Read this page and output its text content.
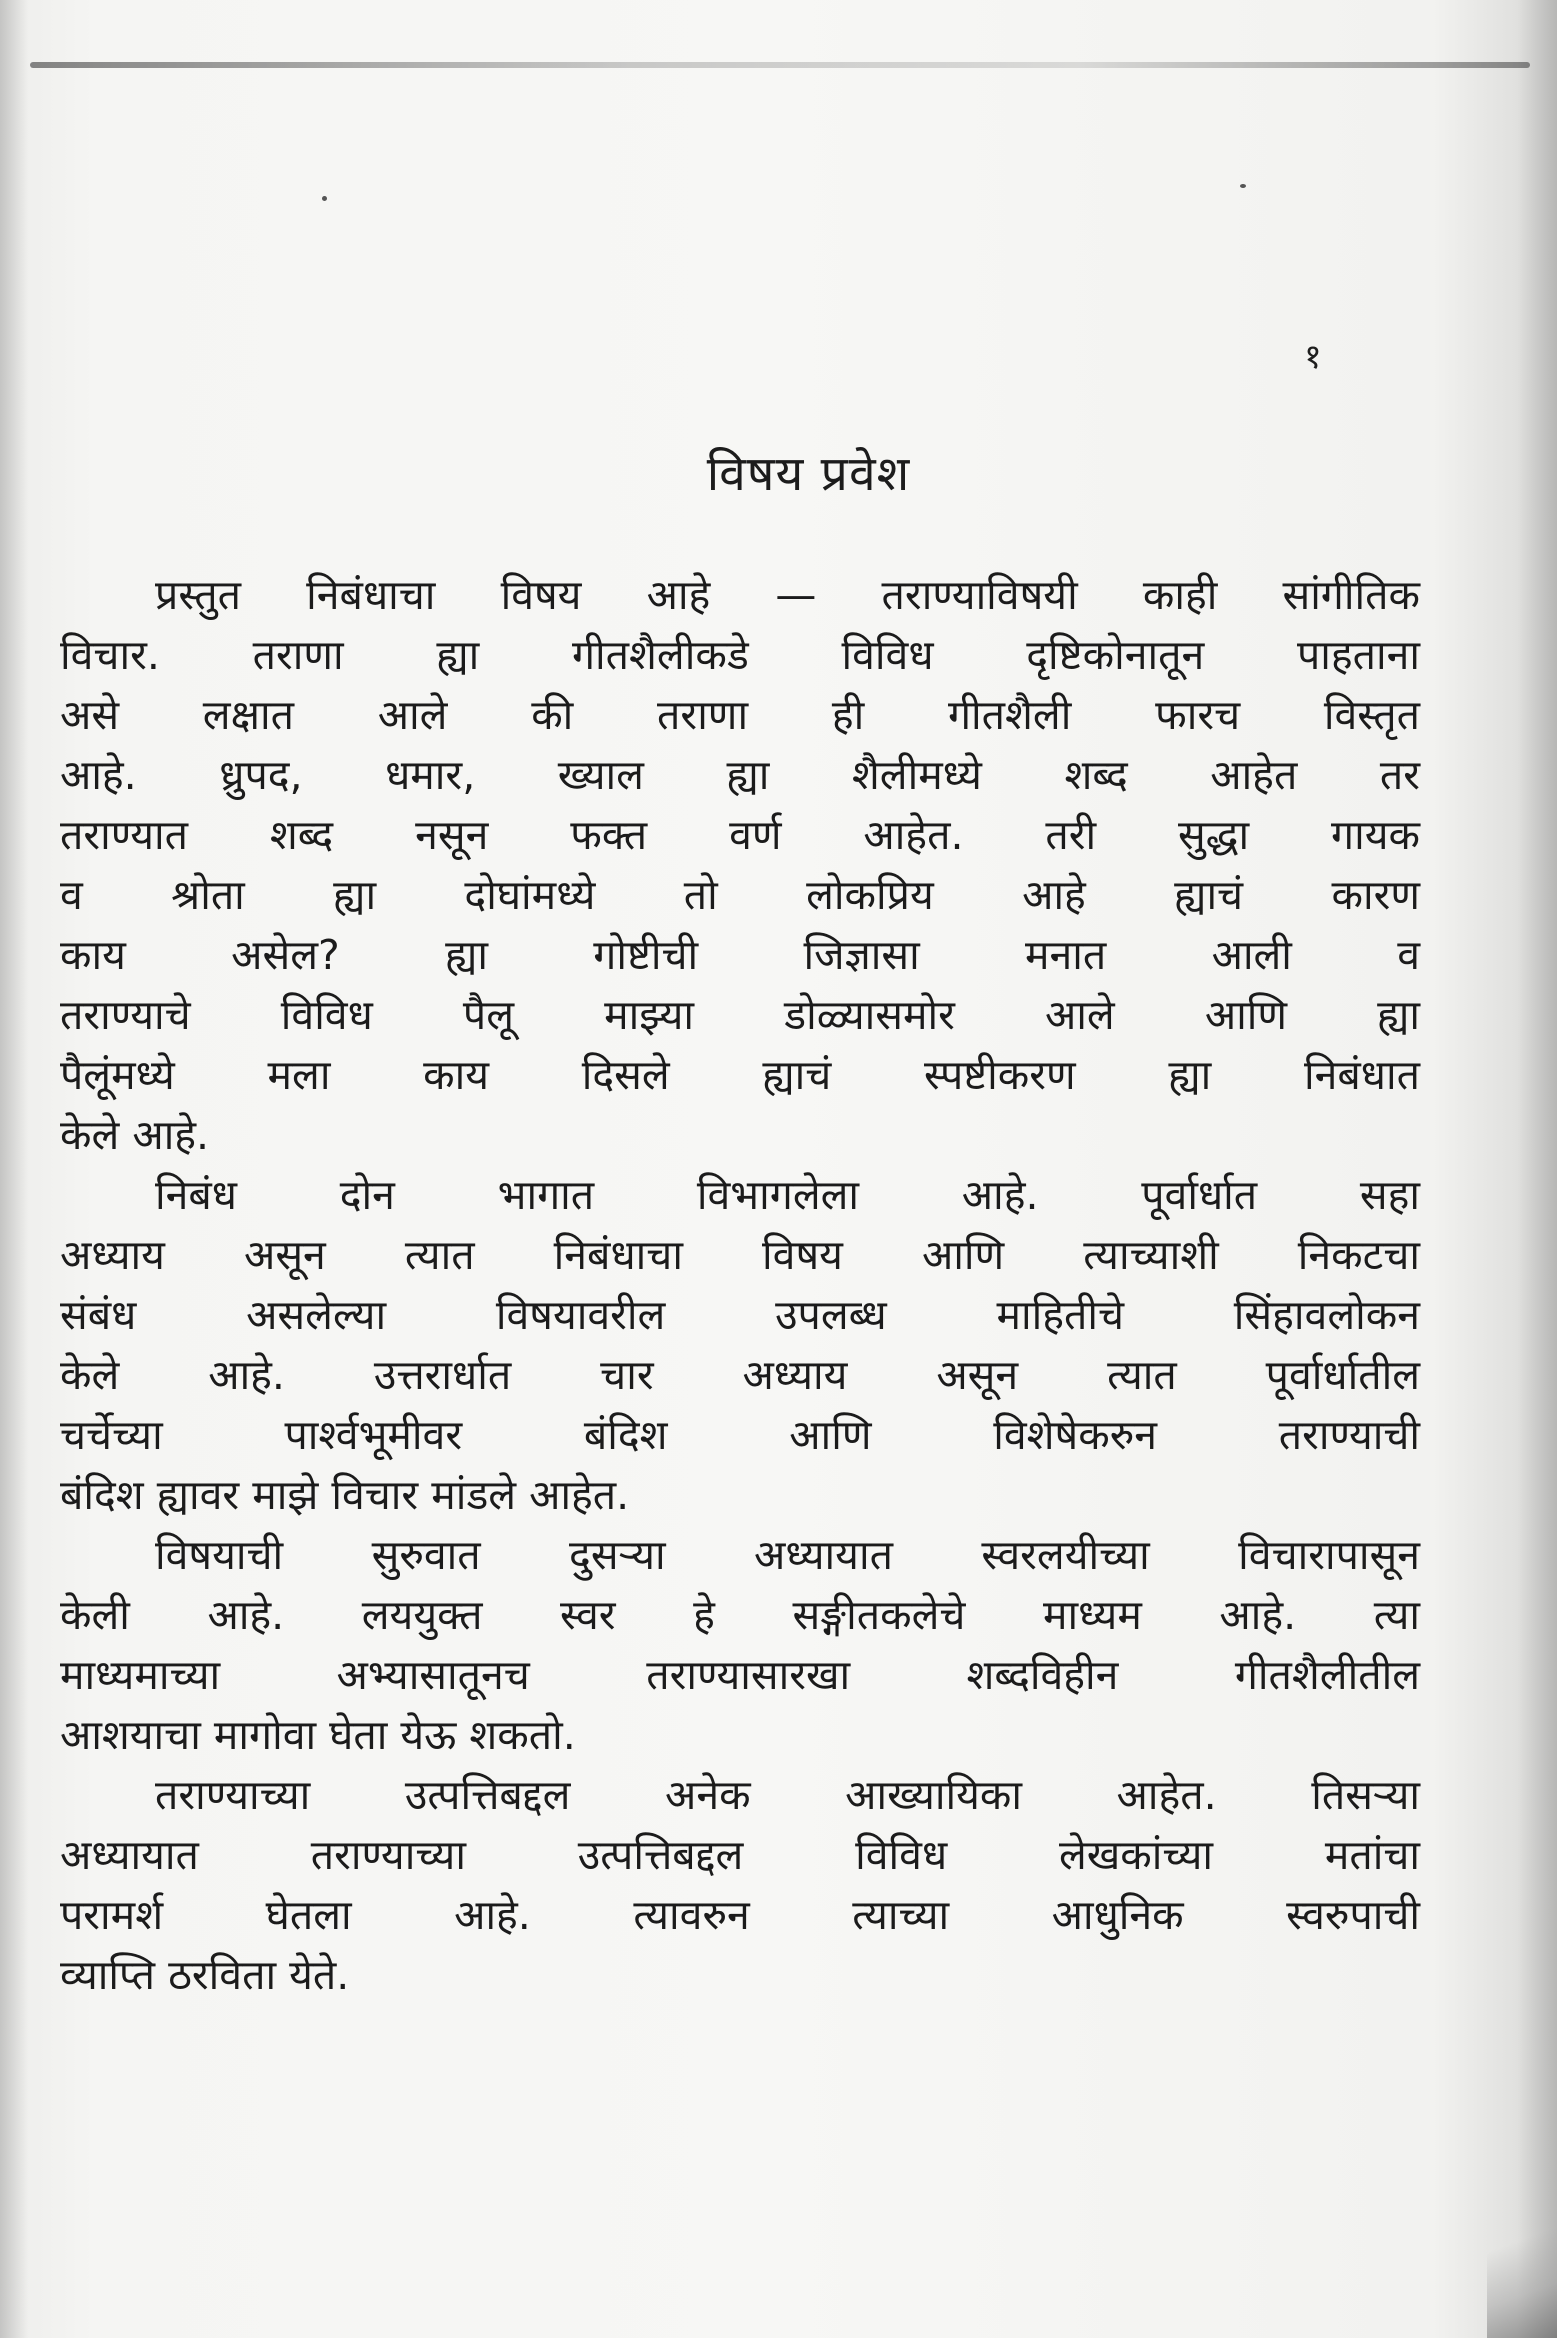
१
विषय प्रवेश
प्रस्तुत निबंधाचा विषय आहे — तराण्याविषयी काही सांगीतिक
विचार. तराणा ह्या गीतशैलीकडे विविध दृष्टिकोनातून पाहताना
असे लक्षात आले की तराणा ही गीतशैली फारच विस्तृत
आहे. ध्रुपद, धमार, ख्याल ह्या शैलीमध्ये शब्द आहेत तर
तराण्यात शब्द नसून फक्त वर्ण आहेत. तरी सुद्धा गायक
व श्रोता ह्या दोघांमध्ये तो लोकप्रिय आहे ह्याचं कारण
काय असेल? ह्या गोष्टीची जिज्ञासा मनात आली व
तराण्याचे विविध पैलू माझ्या डोळ्यासमोर आले आणि ह्या
पैलूंमध्ये मला काय दिसले ह्याचं स्पष्टीकरण ह्या निबंधात
केले आहे.
निबंध दोन भागात विभागलेला आहे. पूर्वार्धात सहा
अध्याय असून त्यात निबंधाचा विषय आणि त्याच्याशी निकटचा
संबंध असलेल्या विषयावरील उपलब्ध माहितीचे सिंहावलोकन
केले आहे. उत्तरार्धात चार अध्याय असून त्यात पूर्वार्धातील
चर्चेच्या पार्श्वभूमीवर बंदिश आणि विशेषेकरुन तराण्याची
बंदिश ह्यावर माझे विचार मांडले आहेत.
विषयाची सुरुवात दुसऱ्या अध्यायात स्वरलयीच्या विचारापासून
केली आहे. लययुक्त स्वर हे सङ्गीतकलेचे माध्यम आहे. त्या
माध्यमाच्या अभ्यासातूनच तराण्यासारखा शब्दविहीन गीतशैलीतील
आशयाचा मागोवा घेता येऊ शकतो.
तराण्याच्या उत्पत्तिबद्दल अनेक आख्यायिका आहेत. तिसऱ्या
अध्यायात तराण्याच्या उत्पत्तिबद्दल विविध लेखकांच्या मतांचा
परामर्श घेतला आहे. त्यावरुन त्याच्या आधुनिक स्वरुपाची
व्याप्ति ठरविता येते.
